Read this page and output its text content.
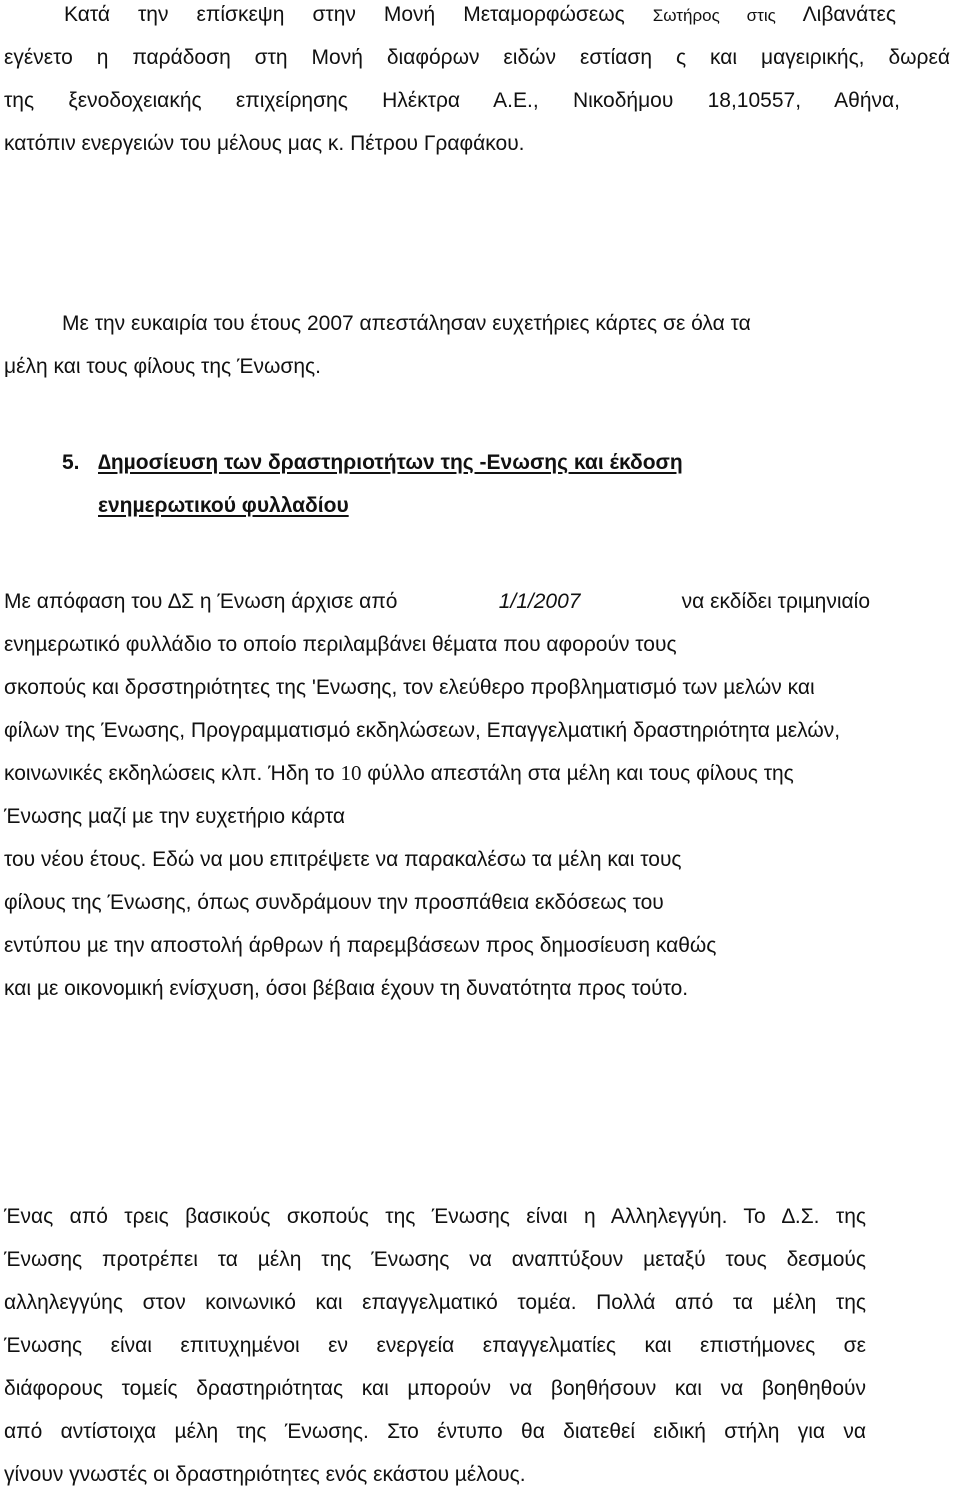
Κατά την επίσκεψη στην Μονή Μεταμορφώσεως Σωτήρος στις Λιβανάτες
εγένετο η παράδοση στη Μονή διαφόρων ειδών εστίαση ς και μαγειρικής, δωρεά
της ξενοδοχειακής επιχείρησης Ηλέκτρα Α.Ε., Νικοδήμου 18,10557, Αθήνα,
κατόπιν ενεργειών του μέλους μας κ. Πέτρου Γραφάκου.
Με την ευκαιρία του έτους 2007 απεστάλησαν ευχετήριες κάρτες σε όλα τα
μέλη και τους φίλους της Ένωσης.
5. ∆ηµοσίευση των δραστηριοτήτων της -Ενωσης και έκδοση
ενηµερωτικού φυλλαδίου
Με απόφαση του ∆Σ η Ένωση άρχισε από	1/1/2007	να εκδίδει τριµηνιαίο
ενηµερωτικό φυλλάδιο το οποίο περιλαµβάνει θέµατα που αφορούν τους
σκοπούς και δρσστηριότητες της 'Ενωσης, τον ελεύθερο προβληµατισµό των µελών και
φίλων της Ένωσης, Προγραµµατισµό εκδηλώσεων, Επαγγελµατική δραστηριότητα µελών,
κοινωνικές εκδηλώσεις κλπ. Ήδη το 10 φύλλο απεστάλη στα µέλη και τους φίλους της
Ένωσης µαζί µε την ευχετήριο κάρτα
του νέου έτους. Εδώ να µου επιτρέψετε να παρακαλέσω τα µέλη και τους
φίλους της Ένωσης, όπως συνδράµουν την προσπάθεια εκδόσεως του
εντύπου µε την αποστολή άρθρων ή παρεµβάσεων προς δηµοσίευση καθώς
και µε οικονοµική ενίσχυση, όσοι βέβαια έχουν τη δυνατότητα προς τούτο.
Ένας από τρεις βασικούς σκοπούς της Ένωσης είναι η Αλληλεγγύη. Το ∆.Σ. της
Ένωσης προτρέπει τα µέλη της Ένωσης να αναπτύξουν µεταξύ τους δεσµούς
αλληλεγγύης στον κοινωνικό και επαγγελµατικό τοµέα. Πολλά από τα µέλη της
Ένωσης είναι επιτυχηµένοι εν ενεργεία επαγγελµατίες και επιστήµονες σε
διάφορους τοµείς δραστηριότητας και µπορούν να βοηθήσουν και να βοηθηθούν
από αντίστοιχα µέλη της Ένωσης. Στο έντυπο θα διατεθεί ειδική στήλη για να
γίνουν γνωστές οι δραστηριότητες ενός εκάστου µέλους.
